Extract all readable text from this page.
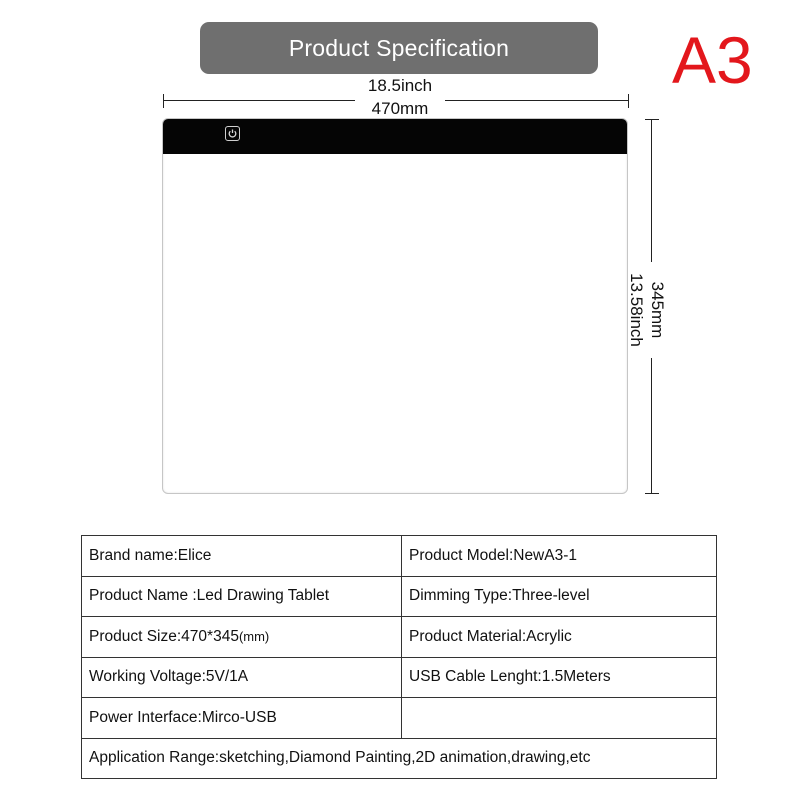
Product Specification A3
18.5inch
470mm
345mm
13.58inch
Brand name:Elice	Product Model:NewA3-1
Product Name :Led Drawing Tablet	Dimming Type:Three-level
Product Size:470*345(mm)	Product Material:Acrylic
Working Voltage:5V/1A	USB Cable Lenght:1.5Meters
Power Interface:Mirco-USB	
Application Range:sketching,Diamond Painting,2D animation,drawing,etc	
